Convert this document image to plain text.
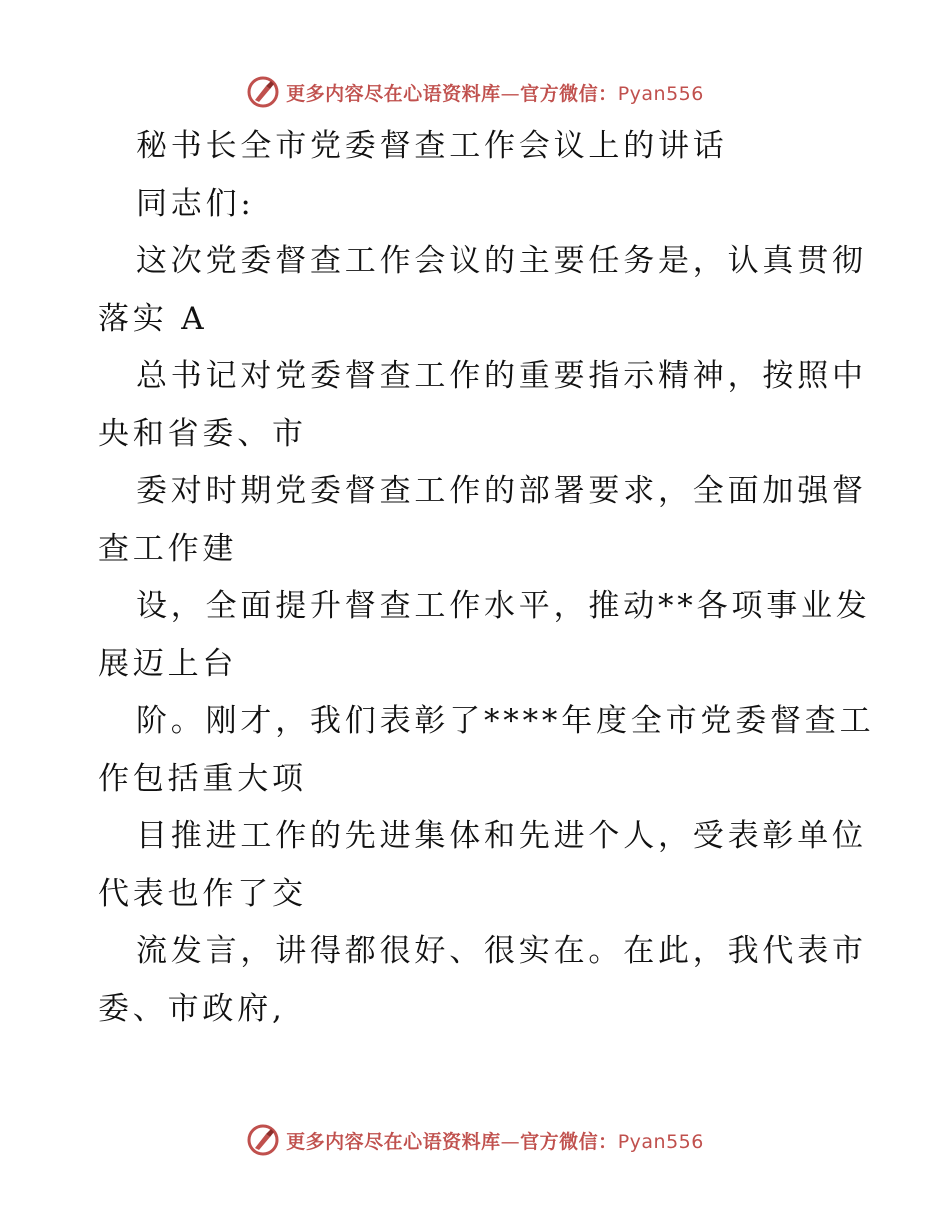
更多内容尽在心语资料库—官方微信：Pyan556

秘书长全市党委督查工作会议上的讲话

同志们:

这次党委督查工作会议的主要任务是，认真贯彻

落实 A

总书记对党委督查工作的重要指示精神，按照中

央和省委、市

委对时期党委督查工作的部署要求，全面加强督

查工作建

设，全面提升督查工作水平，推动**各项事业发

展迈上台

阶。刚才，我们表彰了****年度全市党委督查工

作包括重大项

目推进工作的先进集体和先进个人，受表彰单位

代表也作了交

流发言，讲得都很好、很实在。在此，我代表市

委、市政府,

更多内容尽在心语资料库—官方微信：Pyan556
